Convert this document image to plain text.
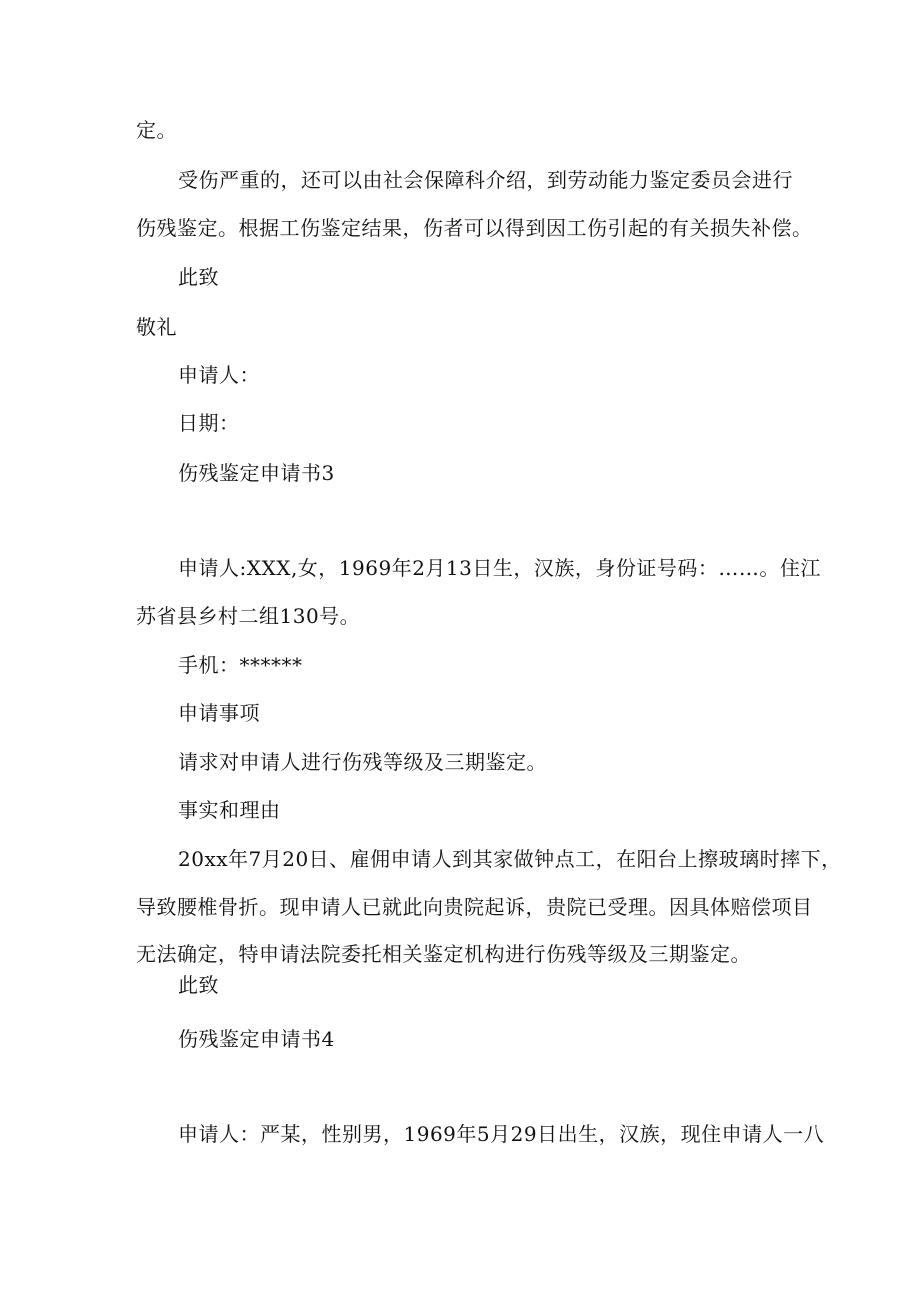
定。

受伤严重的，还可以由社会保障科介绍，到劳动能力鉴定委员会进行

伤残鉴定。根据工伤鉴定结果，伤者可以得到因工伤引起的有关损失补偿。

此致

敬礼

申请人：

日期：

伤残鉴定申请书3

申请人:XXX,女，1969年2月13日生，汉族，身份证号码：……。住江

苏省县乡村二组130号。

手机：******

申请事项

请求对申请人进行伤残等级及三期鉴定。

事实和理由

20xx年7月20日、雇佣申请人到其家做钟点工，在阳台上擦玻璃时摔下，

导致腰椎骨折。现申请人已就此向贵院起诉，贵院已受理。因具体赔偿项目

无法确定，特申请法院委托相关鉴定机构进行伤残等级及三期鉴定。

此致

伤残鉴定申请书4

申请人：严某，性别男，1969年5月29日出生，汉族，现住申请人一八
